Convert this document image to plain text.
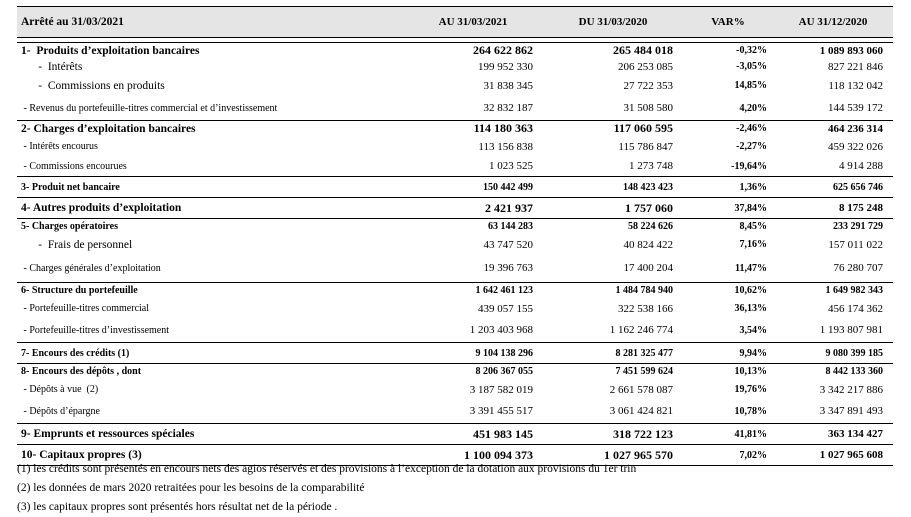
Arrêté au 31/03/2021	AU 31/03/2021	DU 31/03/2020	VAR%	AU 31/12/2020

1-  Produits d’exploitation bancaires	264 622 862	265 484 018	-0,32%	1 089 893 060
-  Intérêts	199 952 330	206 253 085	-3,05%	827 221 846
-  Commissions en produits	31 838 345	27 722 353	14,85%	118 132 042
- Revenus du portefeuille-titres commercial et d’investissement	32 832 187	31 508 580	4,20%	144 539 172
2- Charges d’exploitation bancaires	114 180 363	117 060 595	-2,46%	464 236 314
- Intérêts encourus	113 156 838	115 786 847	-2,27%	459 322 026
- Commissions encourues	1 023 525	1 273 748	-19,64%	4 914 288
3- Produit net bancaire	150 442 499	148 423 423	1,36%	625 656 746
4- Autres produits d’exploitation	2 421 937	1 757 060	37,84%	8 175 248
5- Charges opératoires	63 144 283	58 224 626	8,45%	233 291 729
-  Frais de personnel	43 747 520	40 824 422	7,16%	157 011 022
- Charges générales d’exploitation	19 396 763	17 400 204	11,47%	76 280 707
6- Structure du portefeuille	1 642 461 123	1 484 784 940	10,62%	1 649 982 343
- Portefeuille-titres commercial	439 057 155	322 538 166	36,13%	456 174 362
- Portefeuille-titres d’investissement	1 203 403 968	1 162 246 774	3,54%	1 193 807 981
7- Encours des crédits (1)	9 104 138 296	8 281 325 477	9,94%	9 080 399 185
8- Encours des dépôts , dont	8 206 367 055	7 451 599 624	10,13%	8 442 133 360
- Dépôts à vue  (2)	3 187 582 019	2 661 578 087	19,76%	3 342 217 886
- Dépôts d’épargne	3 391 455 517	3 061 424 821	10,78%	3 347 891 493
9- Emprunts et ressources spéciales	451 983 145	318 722 123	41,81%	363 134 427
10- Capitaux propres (3)	1 100 094 373	1 027 965 570	7,02%	1 027 965 608
(1) les crédits sont présentés en encours nets des agios réservés et des provisions à l’exception de la dotation aux provisions du 1er trin
(2) les données de mars 2020 retraitées pour les besoins de la comparabilité
(3) les capitaux propres sont présentés hors résultat net de la période .
